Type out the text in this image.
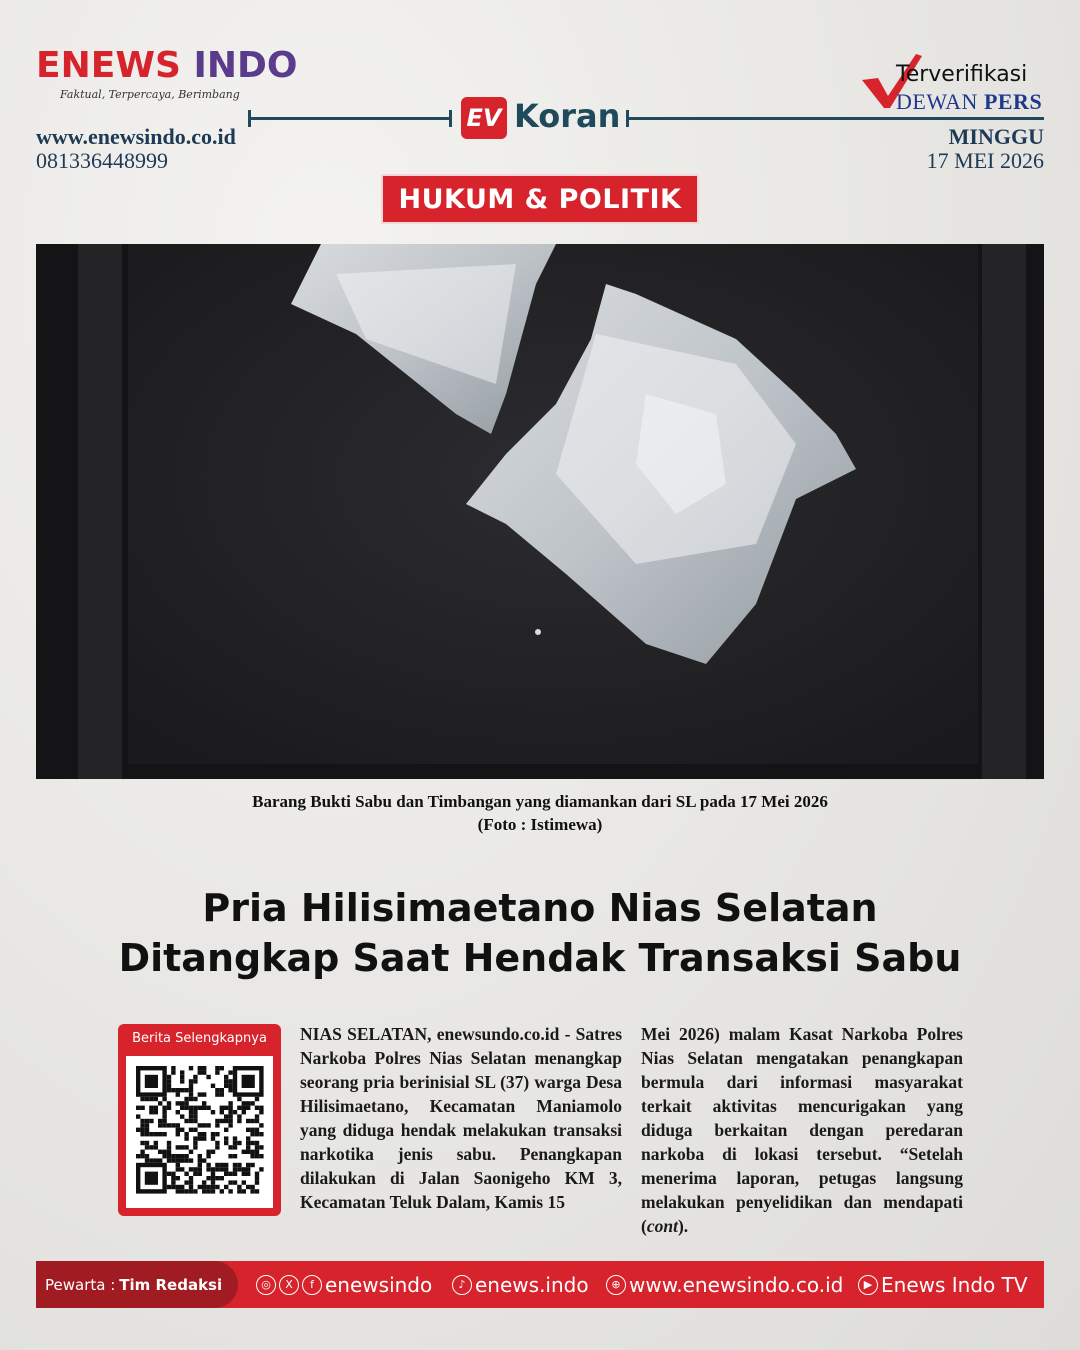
ENEWS INDO
Faktual, Terpercaya, Berimbang
www.enewsindo.co.id
081336448999
EV Koran
Terverifikasi
DEWAN PERS
MINGGU
17 MEI 2026
HUKUM & POLITIK
Barang Bukti Sabu dan Timbangan yang diamankan dari SL pada 17 Mei 2026
(Foto : Istimewa)
Pria Hilisimaetano Nias Selatan
Ditangkap Saat Hendak Transaksi Sabu
Berita Selengkapnya	NIAS SELATAN, enewsundo.co.id - Satres Narkoba Polres Nias Selatan menangkap seorang pria berinisial SL (37) warga Desa Hilisimaetano, Kecamatan Maniamolo yang diduga hendak melakukan transaksi narkotika jenis sabu. Penangkapan dilakukan di Jalan Saonigeho KM 3, Kecamatan Teluk Dalam, Kamis 15
Mei 2026) malam Kasat Narkoba Polres Nias Selatan mengatakan penangkapan bermula dari informasi masyarakat terkait aktivitas mencurigakan yang diduga berkaitan dengan peredaran narkoba di lokasi tersebut. “Setelah menerima laporan, petugas langsung melakukan penyelidikan dan mendapati (cont).
Pewarta : Tim Redaksi	◎	X	f enewsindo	♪ enews.indo	⊕ www.enewsindo.co.id	▶ Enews Indo TV
